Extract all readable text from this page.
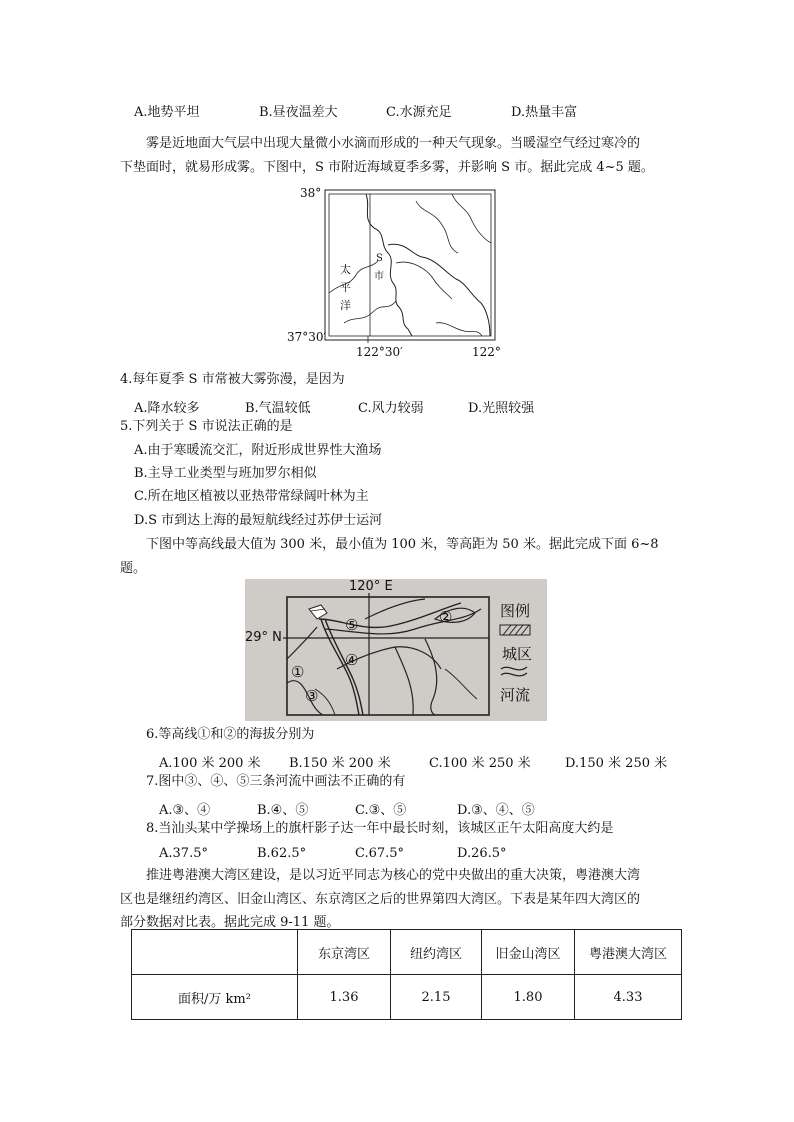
A.地势平坦	B.昼夜温差大	C.水源充足	D.热量丰富
雾是近地面大气层中出现大量微小水滴而形成的一种天气现象。当暖湿空气经过寒冷的
下垫面时，就易形成雾。下图中，S 市附近海域夏季多雾，并影响 S 市。据此完成 4~5 题。
38°
37°30′
122°30′	122°
太
平
洋
S
市
4.每年夏季 S 市常被大雾弥漫，是因为
A.降水较多	B.气温较低	C.风力较弱	D.光照较强
5.下列关于 S 市说法正确的是
A.由于寒暖流交汇，附近形成世界性大渔场
B.主导工业类型与班加罗尔相似
C.所在地区植被以亚热带常绿阔叶林为主
D.S 市到达上海的最短航线经过苏伊士运河
下图中等高线最大值为 300 米，最小值为 100 米，等高距为 50 米。据此完成下面 6~8
题。
120° E
29° N
图例
城区
河流
①
②
③
④
⑤
6.等高线①和②的海拔分别为
A.100 米 200 米 B.150 米 200 米	C.100 米 250 米	D.150 米 250 米
7.图中③、④、⑤三条河流中画法不正确的有
A.③、④	B.④、⑤	C.③、⑤	D.③、④、⑤
8.当汕头某中学操场上的旗杆影子达一年中最长时刻，该城区正午太阳高度大约是
A.37.5°	B.62.5°	C.67.5°	D.26.5°
推进粤港澳大湾区建设，是以习近平同志为核心的党中央做出的重大决策，粤港澳大湾
区也是继纽约湾区、旧金山湾区、东京湾区之后的世界第四大湾区。下表是某年四大湾区的
部分数据对比表。据此完成 9-11 题。
	东京湾区	纽约湾区	旧金山湾区	粤港澳大湾区
面积/万 km²	1.36	2.15	1.80	4.33
